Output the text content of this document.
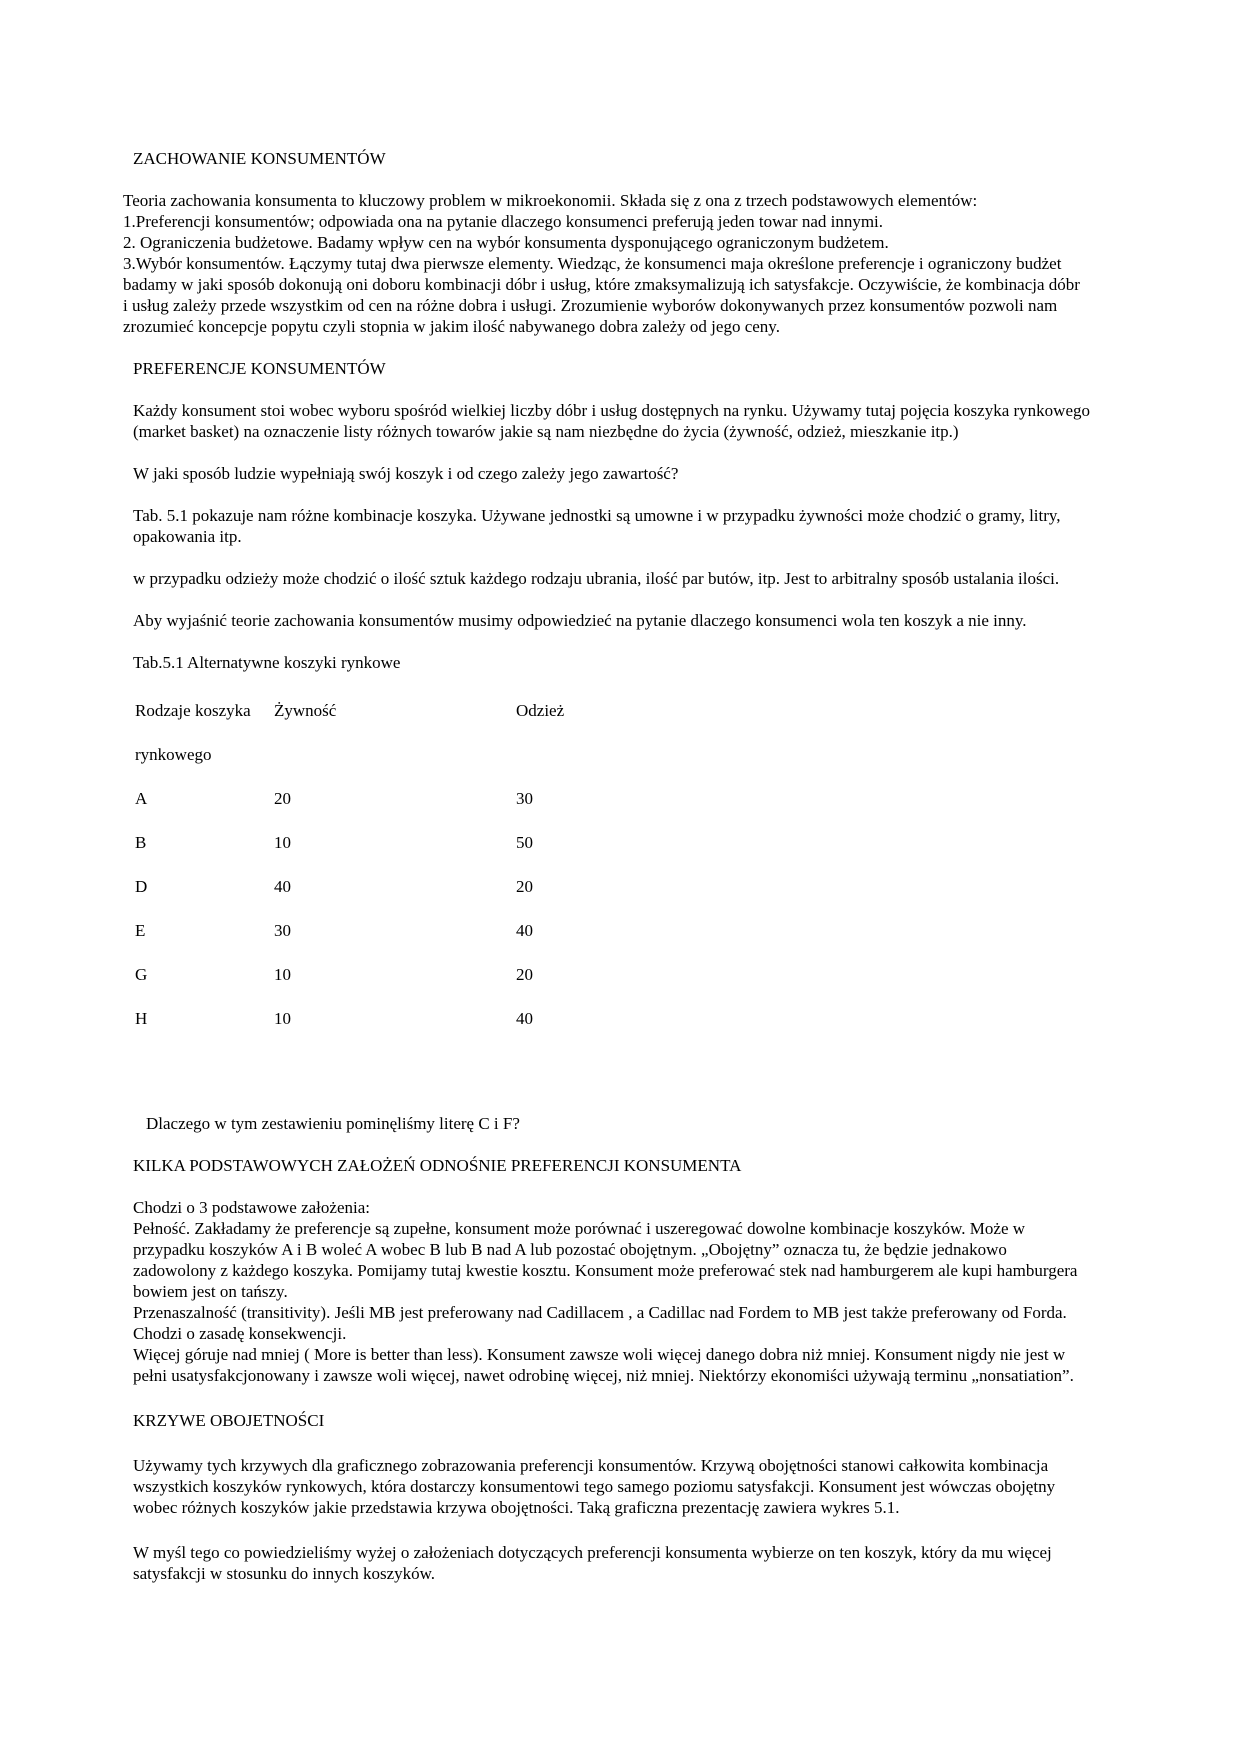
ZACHOWANIE KONSUMENTÓW
Teoria zachowania konsumenta to kluczowy problem w mikroekonomii. Składa się z ona z trzech podstawowych elementów:
1.Preferencji konsumentów; odpowiada ona na pytanie dlaczego konsumenci preferują jeden towar nad innymi.
2. Ograniczenia budżetowe. Badamy wpływ cen na wybór konsumenta dysponującego ograniczonym budżetem.
3.Wybór konsumentów. Łączymy tutaj dwa pierwsze elementy. Wiedząc, że konsumenci maja określone preferencje i ograniczony budżet
badamy w jaki sposób dokonują oni doboru kombinacji dóbr i usług, które zmaksymalizują ich satysfakcje. Oczywiście, że kombinacja dóbr
i usług zależy przede wszystkim od cen na różne dobra i usługi. Zrozumienie wyborów dokonywanych przez konsumentów pozwoli nam
zrozumieć koncepcje popytu czyli stopnia w jakim ilość nabywanego dobra zależy od jego ceny.
PREFERENCJE KONSUMENTÓW
Każdy konsument stoi wobec wyboru spośród wielkiej liczby dóbr i usług dostępnych na rynku. Używamy tutaj pojęcia koszyka rynkowego
(market basket) na oznaczenie listy różnych towarów jakie są nam niezbędne do życia (żywność, odzież, mieszkanie itp.)
W jaki sposób ludzie wypełniają swój koszyk i od czego zależy jego zawartość?
Tab. 5.1 pokazuje nam różne kombinacje koszyka. Używane jednostki są umowne i w przypadku żywności może chodzić o gramy, litry,
opakowania itp.
w przypadku odzieży może chodzić o ilość sztuk każdego rodzaju ubrania, ilość par butów, itp. Jest to arbitralny sposób ustalania ilości.
Aby wyjaśnić teorie zachowania konsumentów musimy odpowiedzieć na pytanie dlaczego konsumenci wola ten koszyk a nie inny.
Tab.5.1 Alternatywne koszyki rynkowe
Rodzaje koszyka Żywność	Odzież
rynkowego
A	20	30
B	10	50
D	40	20
E	30	40
G	10	20
H	10	40
Dlaczego w tym zestawieniu pominęliśmy literę C i F?
KILKA PODSTAWOWYCH ZAŁOŻEŃ ODNOŚNIE PREFERENCJI KONSUMENTA
Chodzi o 3 podstawowe założenia:
Pełność. Zakładamy że preferencje są zupełne, konsument może porównać i uszeregować dowolne kombinacje koszyków. Może w
przypadku koszyków A i B woleć A wobec B lub B nad A lub pozostać obojętnym. „Obojętny” oznacza tu, że będzie jednakowo
zadowolony z każdego koszyka. Pomijamy tutaj kwestie kosztu. Konsument może preferować stek nad hamburgerem ale kupi hamburgera
bowiem jest on tańszy.
Przenaszalność (transitivity). Jeśli MB jest preferowany nad Cadillacem , a Cadillac nad Fordem to MB jest także preferowany od Forda.
Chodzi o zasadę konsekwencji.
Więcej góruje nad mniej ( More is better than less). Konsument zawsze woli więcej danego dobra niż mniej. Konsument nigdy nie jest w
pełni usatysfakcjonowany i zawsze woli więcej, nawet odrobinę więcej, niż mniej. Niektórzy ekonomiści używają terminu „nonsatiation”.
KRZYWE OBOJETNOŚCI
Używamy tych krzywych dla graficznego zobrazowania preferencji konsumentów. Krzywą obojętności stanowi całkowita kombinacja
wszystkich koszyków rynkowych, która dostarczy konsumentowi tego samego poziomu satysfakcji. Konsument jest wówczas obojętny
wobec różnych koszyków jakie przedstawia krzywa obojętności. Taką graficzna prezentację zawiera wykres 5.1.
W myśl tego co powiedzieliśmy wyżej o założeniach dotyczących preferencji konsumenta wybierze on ten koszyk, który da mu więcej
satysfakcji w stosunku do innych koszyków.
